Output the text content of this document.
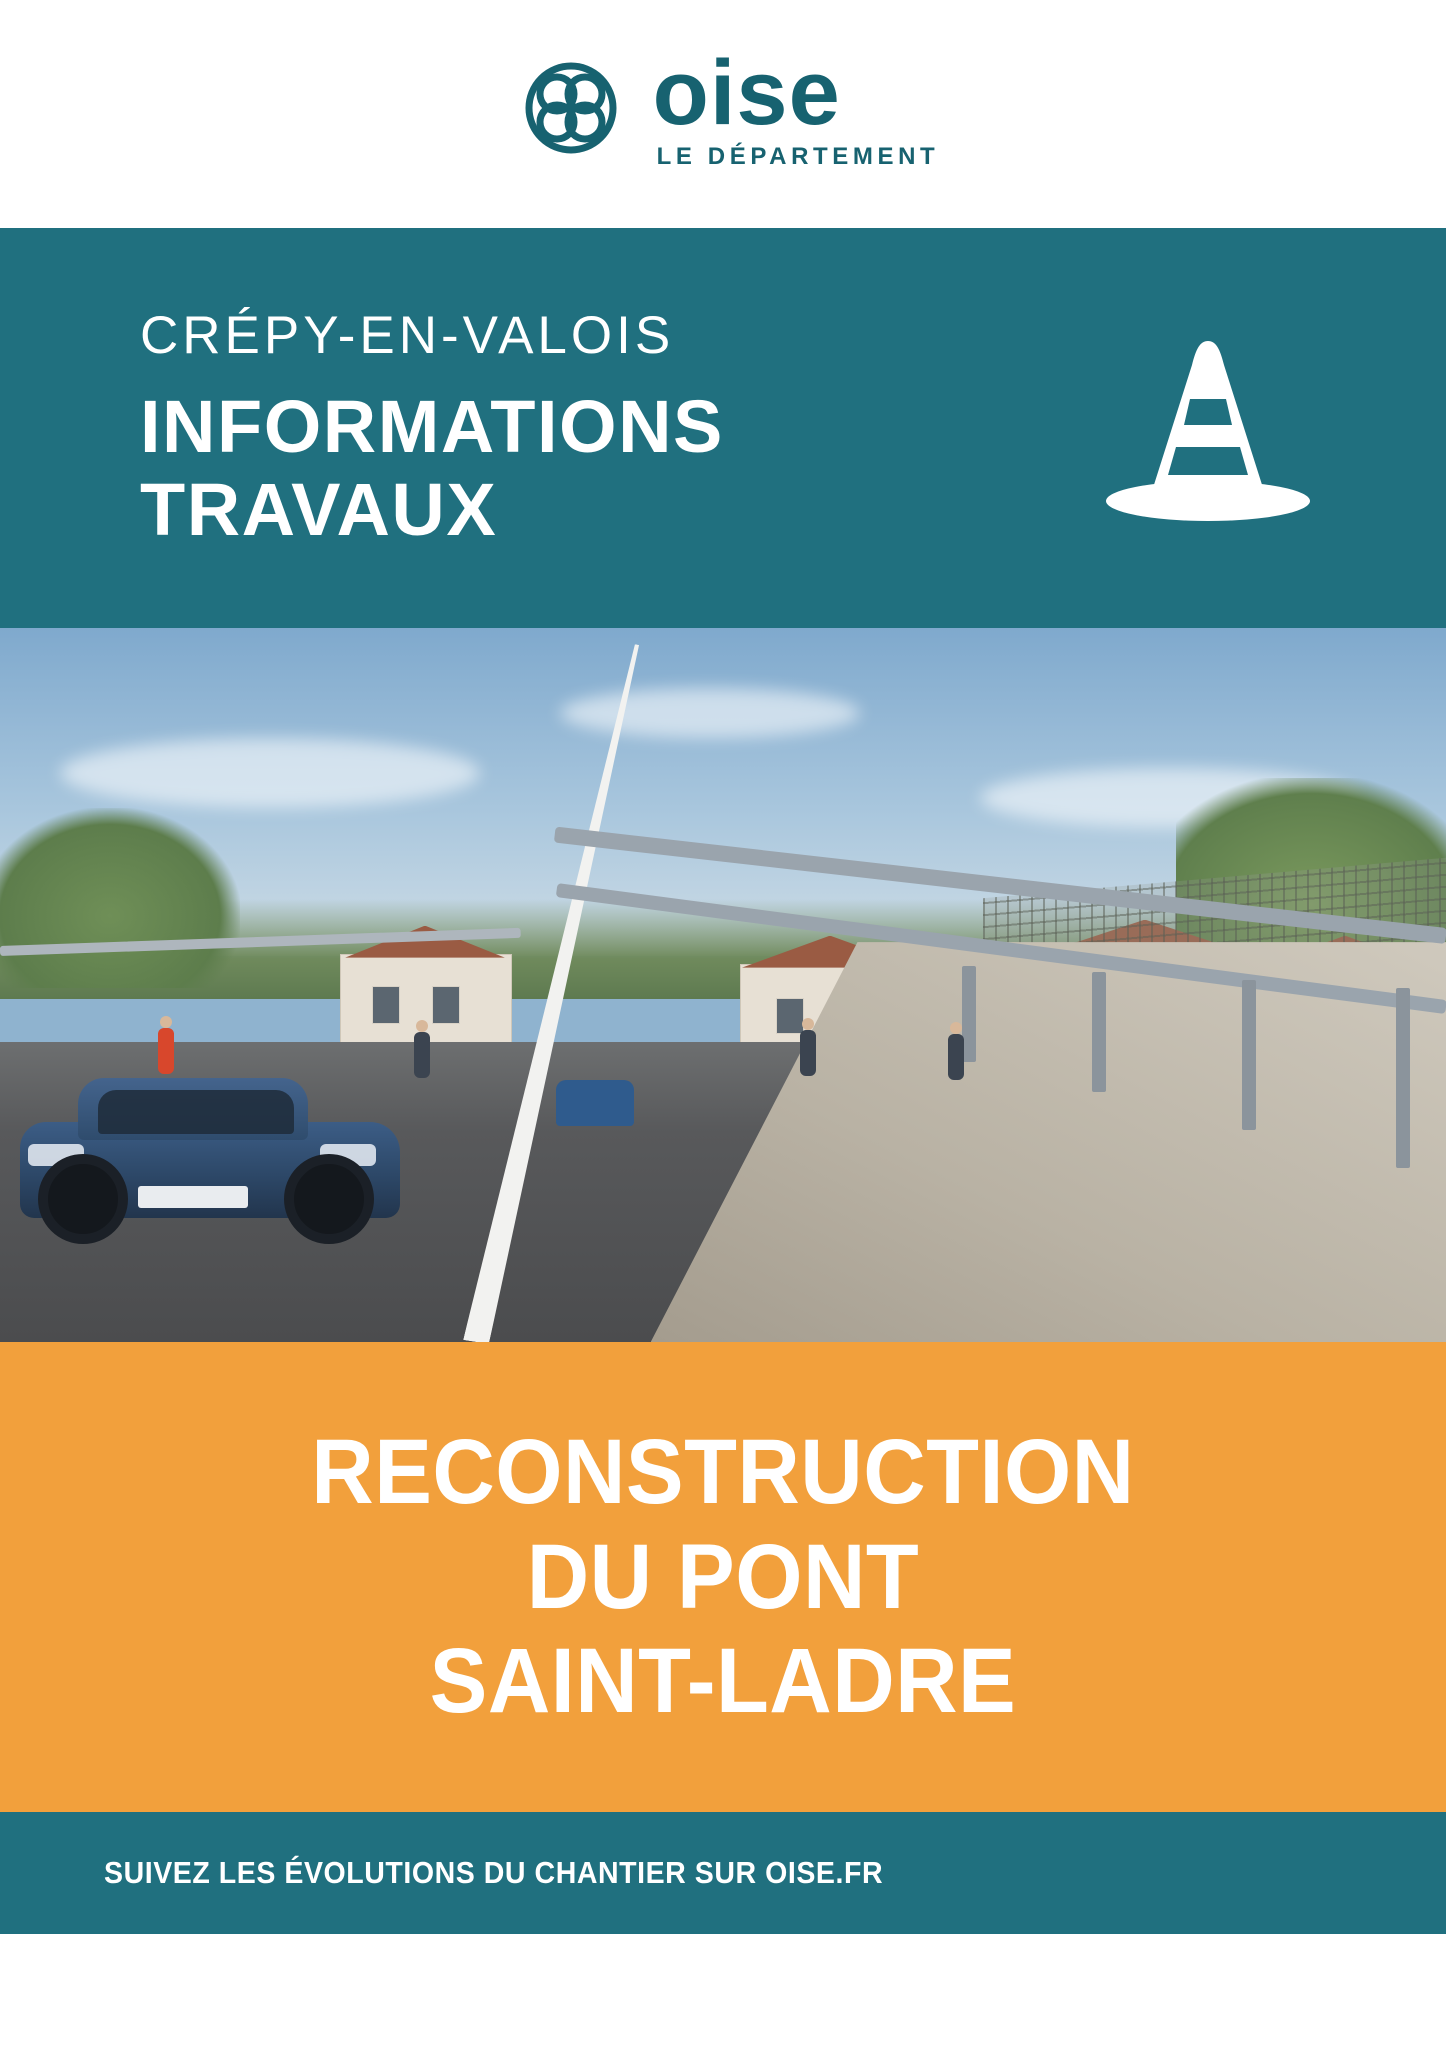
oise
LE DÉPARTEMENT
CRÉPY-EN-VALOIS
INFORMATIONS
TRAVAUX
RECONSTRUCTION
DU PONT
SAINT-LADRE
SUIVEZ LES ÉVOLUTIONS DU CHANTIER SUR OISE.FR
